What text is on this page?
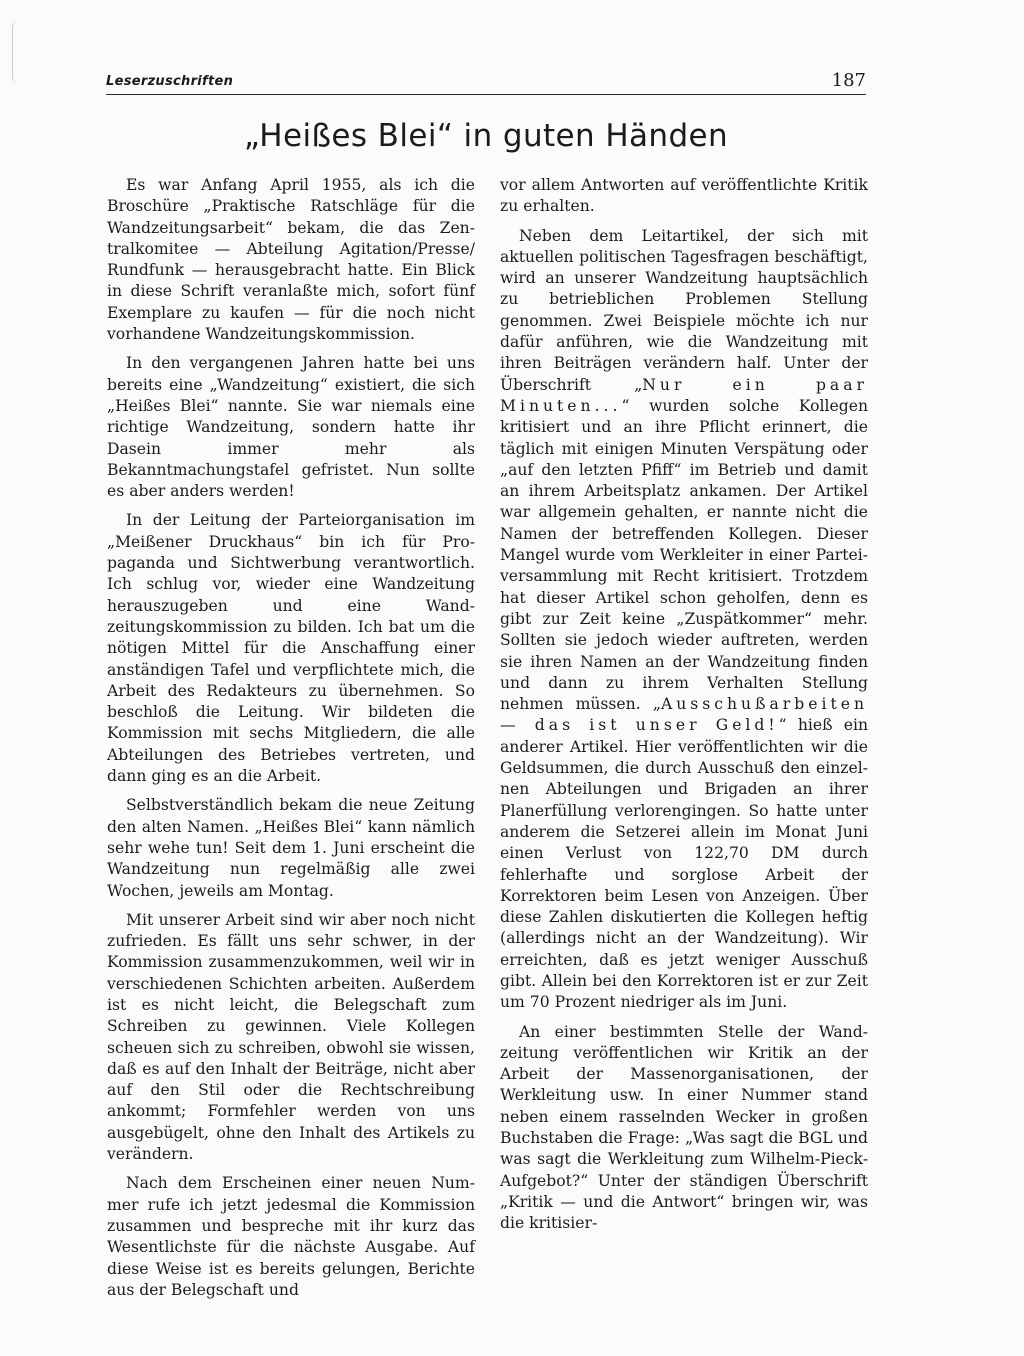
Leserzuschriften	187
„Heißes Blei“ in guten Händen

Es war Anfang April 1955, als ich die Broschüre „Praktische Ratschläge für die Wandzeitungsarbeit“ bekam, die das Zentralkomitee — Abteilung Agitation/Presse/ Rundfunk — herausgebracht hatte. Ein Blick in diese Schrift veranlaßte mich, sofort fünf Exemplare zu kaufen — für die noch nicht vorhandene Wandzeitungskommission.

In den vergangenen Jahren hatte bei uns bereits eine „Wandzeitung“ existiert, die sich „Heißes Blei“ nannte. Sie war niemals eine richtige Wandzeitung, sondern hatte ihr Dasein immer mehr als Bekanntmachungstafel gefristet. Nun sollte es aber anders werden!

In der Leitung der Parteiorganisation im „Meißener Druckhaus“ bin ich für Propaganda und Sichtwerbung verantwortlich. Ich schlug vor, wieder eine Wandzeitung herauszugeben und eine Wandzeitungskommission zu bilden. Ich bat um die nötigen Mittel für die Anschaffung einer anständigen Tafel und verpflichtete mich, die Arbeit des Redakteurs zu übernehmen. So beschloß die Leitung. Wir bildeten die Kommission mit sechs Mitgliedern, die alle Abteilungen des Betriebes vertreten, und dann ging es an die Arbeit.

Selbstverständlich bekam die neue Zeitung den alten Namen. „Heißes Blei“ kann nämlich sehr wehe tun! Seit dem 1. Juni erscheint die Wandzeitung nun regelmäßig alle zwei Wochen, jeweils am Montag.

Mit unserer Arbeit sind wir aber noch nicht zufrieden. Es fällt uns sehr schwer, in der Kommission zusammenzukommen, weil wir in verschiedenen Schichten arbeiten. Außerdem ist es nicht leicht, die Belegschaft zum Schreiben zu gewinnen. Viele Kollegen scheuen sich zu schreiben, obwohl sie wissen, daß es auf den Inhalt der Beiträge, nicht aber auf den Stil oder die Rechtschreibung ankommt; Formfehler werden von uns ausgebügelt, ohne den Inhalt des Artikels zu verändern.

Nach dem Erscheinen einer neuen Nummer rufe ich jetzt jedesmal die Kommission zusammen und bespreche mit ihr kurz das Wesentlichste für die nächste Ausgabe. Auf diese Weise ist es bereits gelungen, Berichte aus der Belegschaft und

vor allem Antworten auf veröffentlichte Kritik zu erhalten.

Neben dem Leitartikel, der sich mit aktuellen politischen Tagesfragen beschäftigt, wird an unserer Wandzeitung hauptsächlich zu betrieblichen Problemen Stellung genommen. Zwei Beispiele möchte ich nur dafür anführen, wie die Wandzeitung mit ihren Beiträgen verändern half. Unter der Überschrift „Nur ein paar Minuten...“ wurden solche Kollegen kritisiert und an ihre Pflicht erinnert, die täglich mit einigen Minuten Verspätung oder „auf den letzten Pfiff“ im Betrieb und damit an ihrem Arbeitsplatz ankamen. Der Artikel war allgemein gehalten, er nannte nicht die Namen der betreffenden Kollegen. Dieser Mangel wurde vom Werkleiter in einer Parteiversammlung mit Recht kritisiert. Trotzdem hat dieser Artikel schon geholfen, denn es gibt zur Zeit keine „Zuspätkommer“ mehr. Sollten sie jedoch wieder auftreten, werden sie ihren Namen an der Wandzeitung finden und dann zu ihrem Verhalten Stellung nehmen müssen. „Ausschußarbeiten — das ist unser Geld!“ hieß ein anderer Artikel. Hier veröffentlichten wir die Geldsummen, die durch Ausschuß den einzelnen Abteilungen und Brigaden an ihrer Planerfüllung verlorengingen. So hatte unter anderem die Setzerei allein im Monat Juni einen Verlust von 122,70 DM durch fehlerhafte und sorglose Arbeit der Korrektoren beim Lesen von Anzeigen. Über diese Zahlen diskutierten die Kollegen heftig (allerdings nicht an der Wandzeitung). Wir erreichten, daß es jetzt weniger Ausschuß gibt. Allein bei den Korrektoren ist er zur Zeit um 70 Prozent niedriger als im Juni.

An einer bestimmten Stelle der Wandzeitung veröffentlichen wir Kritik an der Arbeit der Massenorganisationen, der Werkleitung usw. In einer Nummer stand neben einem rasselnden Wecker in großen Buchstaben die Frage: „Was sagt die BGL und was sagt die Werkleitung zum Wilhelm-Pieck-Aufgebot?“ Unter der ständigen Überschrift „Kritik — und die Antwort“ bringen wir, was die kritisier-
